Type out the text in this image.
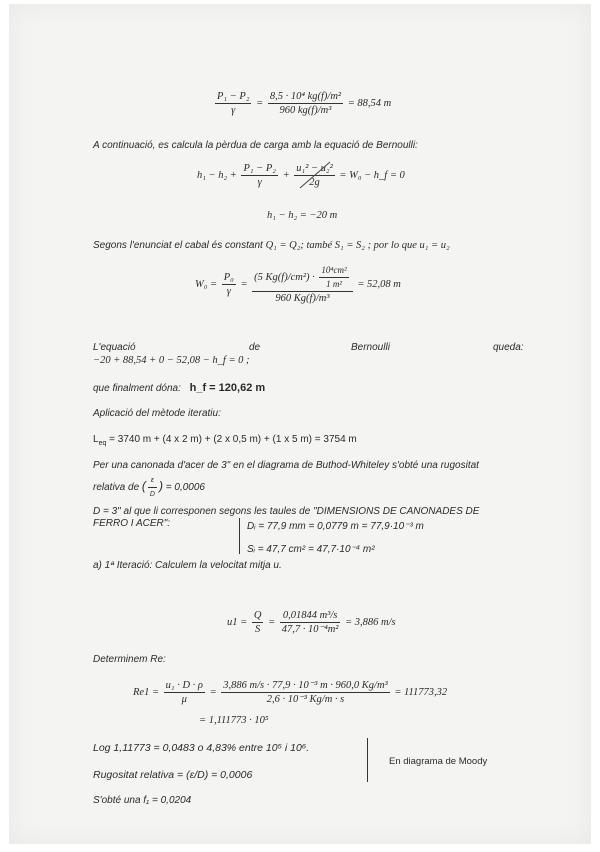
$\frac{\text{P₁ − P₂}}{\gamma} = \frac{\text{8,5 · 10⁴ kg(f)/m²}}{\text{960 kg(f)/m³}} = 88,54$ m
A continuació, es calcula la pèrdua de carga amb la equació de Bernoulli:
$h_1 - h_2 + \frac{\text{P₁ − P₂}}{\gamma} + \frac{\text{u₁² − u₂²}}{2g} = W_0$ − h_f = 0
h₁ − h₂ = −20 m
Segons l'enunciat el cabal és constant Q₁ = Q₂; també S₁ = S₂ ; por lo que u₁ = u₂
$W_0 = \frac{\text{P₀}}{\gamma} = \frac{(5 Kg(f)/cm^2) \cdot \frac{\text{10⁴cm²}}{\text{1 m²}}}{\text{960 Kg(f)/m³}} = 52,08$ m
L'equació	de	Bernoulli	queda:
−20 + 88,54 + 0 − 52,08 − h_f = 0 ;
que finalment dóna: h_f = 120,62 m
Aplicació del mètode iteratiu:
$L_{eq} = 3740$ m + (4 x 2 m) + (2 x 0,5 m) + (1 x 5 m) = 3754 m
Per una canonada d'acer de 3" en el diagrama de Buthod-Whiteley s'obté una rugositat
relativa de ( $\frac{\varepsilon}{D}$ ) = 0,0006
D = 3" al que li corresponen segons les taules de "DIMENSIONS DE CANONADES DE
FERRO I ACER":	Dᵢ = 77,9 mm = 0,0779 m = 77,9·10⁻³ m
Sᵢ = 47,7 cm² = 47,7·10⁻⁴ m²
a) 1ª Iteració: Calculem la velocitat mitja u.
$u1 = \frac{Q}{S} = \frac{\text{0,01844 m³/s}}{\text{47,7 · 10⁻⁴m²}} = 3,886$ m/s
Determinem Re:
$Re1 = \frac{\text{u₁ · D · ρ}}{\mu} = \frac{\text{3,886 m/s · 77,9 · 10⁻³ m · 960,0 Kg/m³}}{\text{2,6 · 10⁻³ Kg/m · s}} = 111773,32$
= 1,111773 · 10⁵
Log 1,11773 = 0,0483 o 4,83% entre 10⁵ i 10⁶.
Rugositat relativa = (ε/D) = 0,0006
S'obté una f₁ = 0,0204
En diagrama de Moody
